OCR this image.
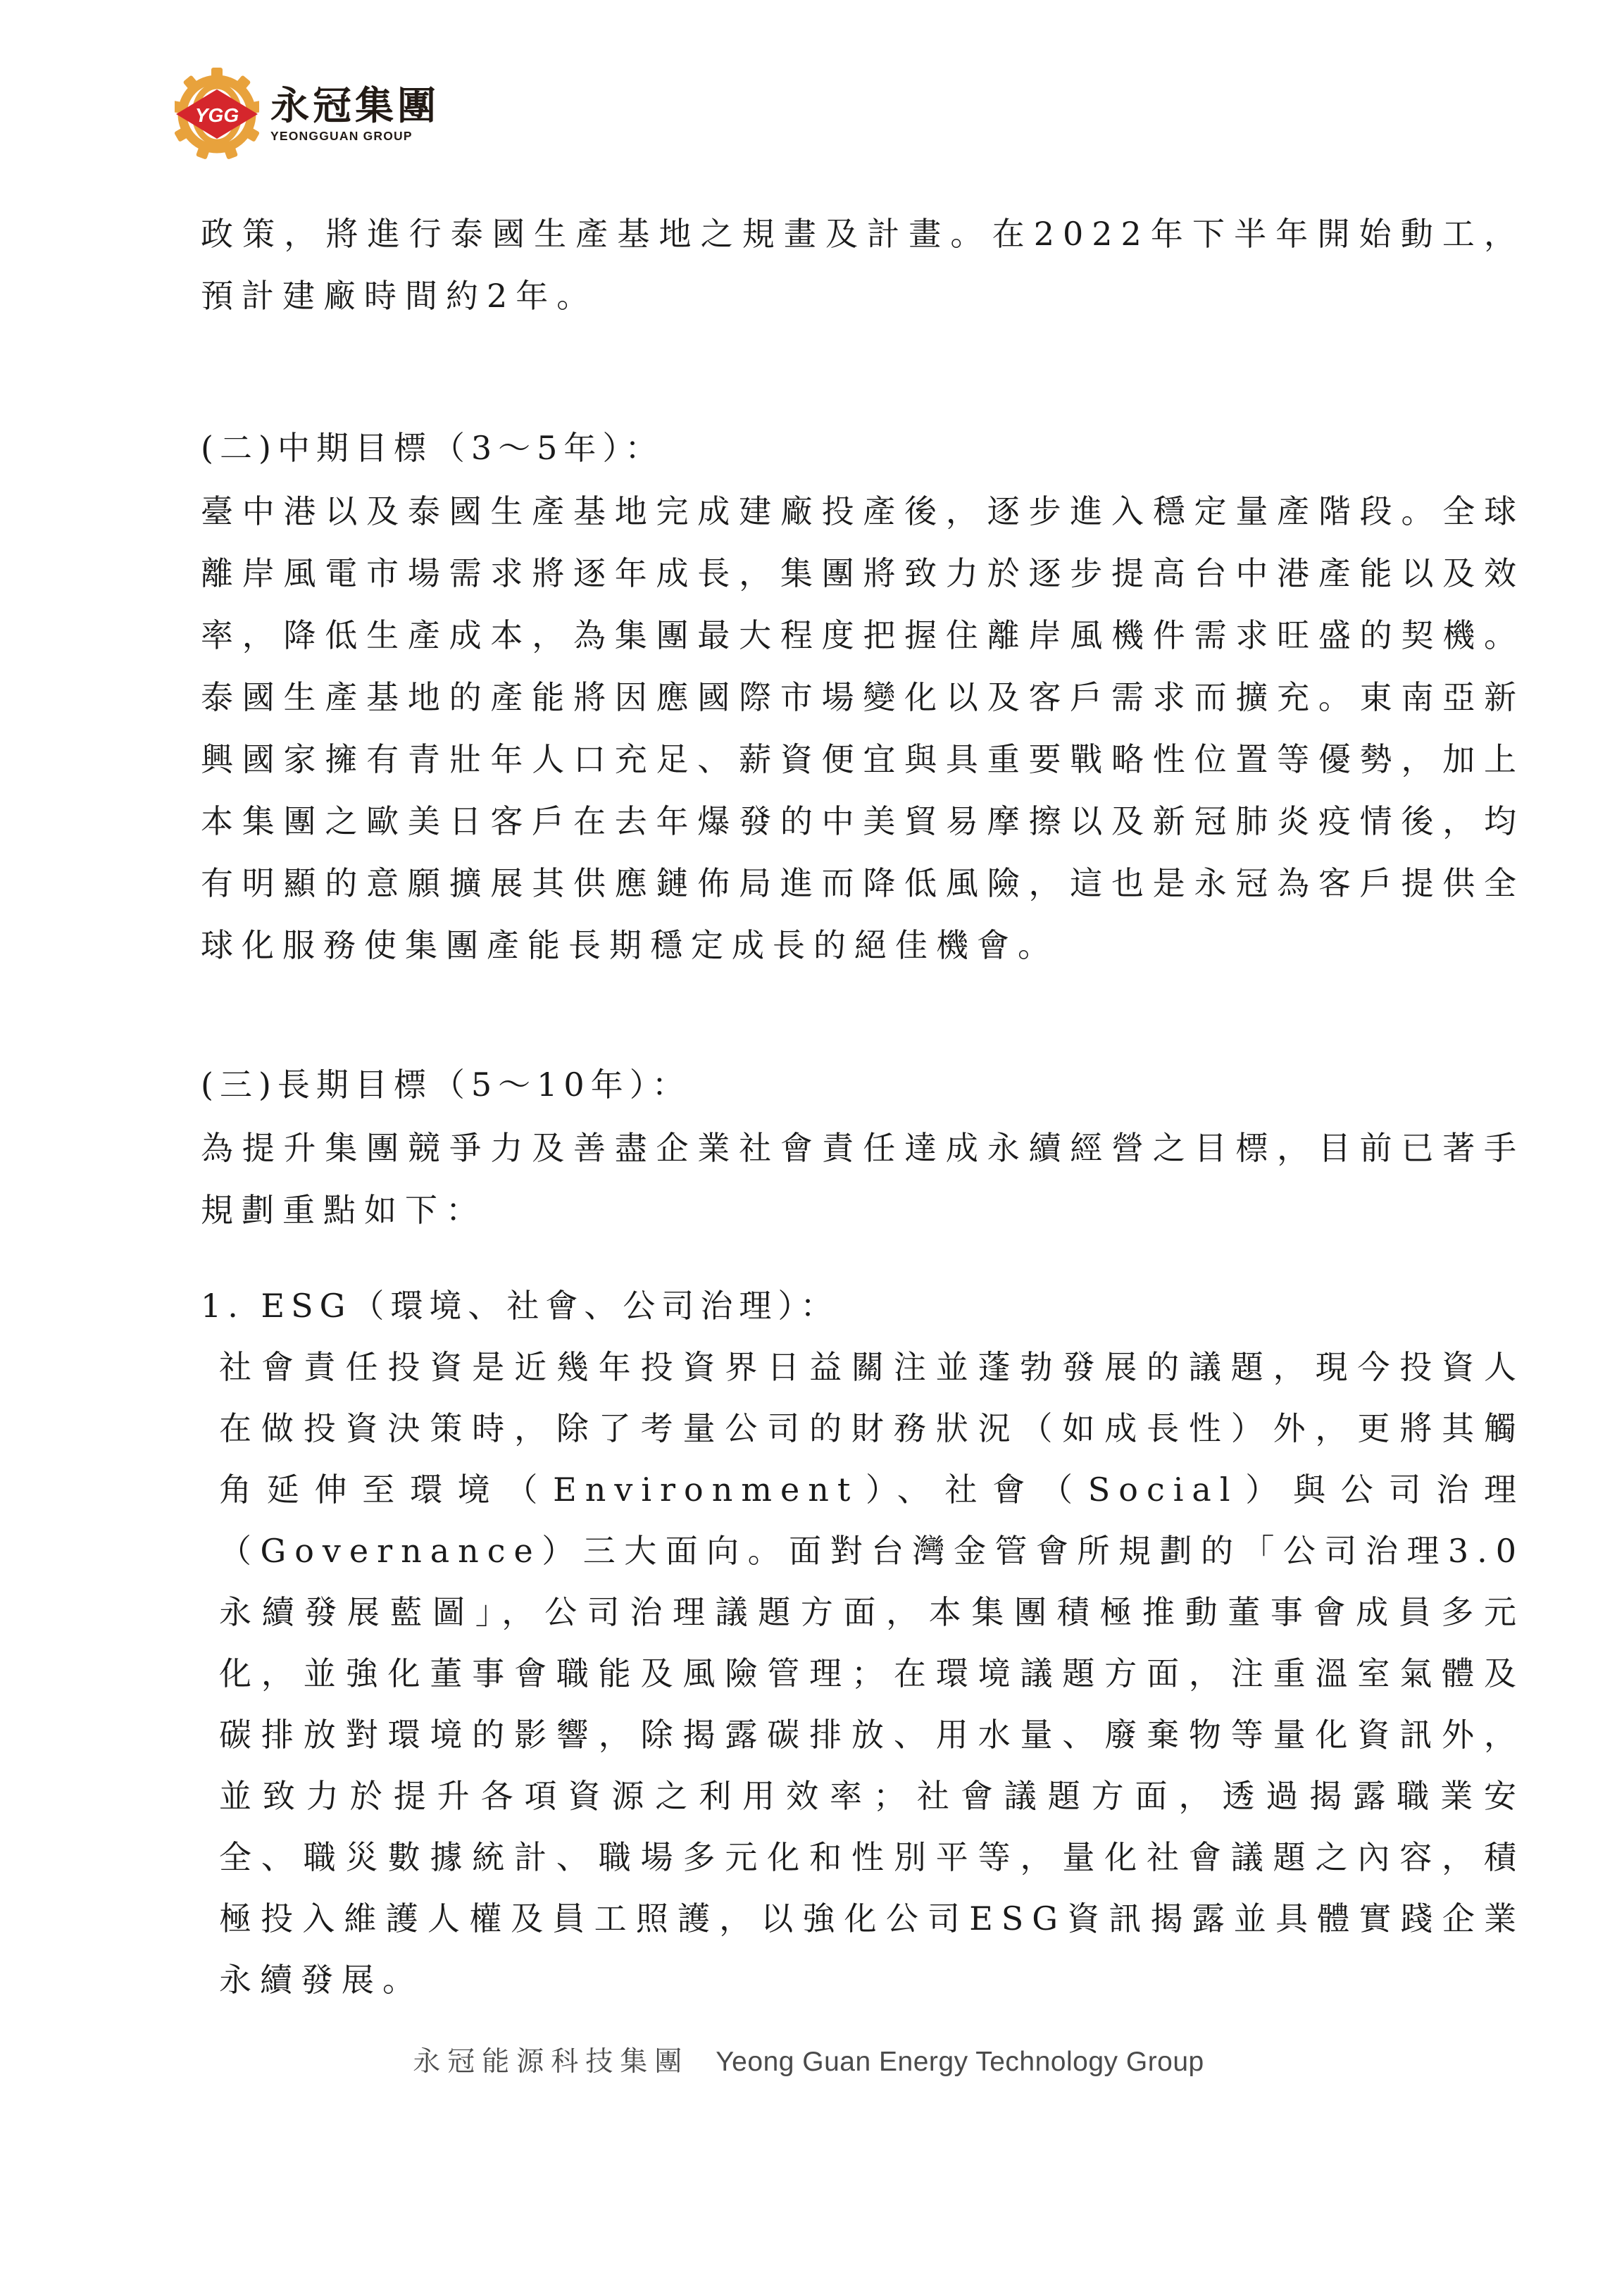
YGG 永冠集團
YEONGGUAN GROUP

政策，將進行泰國生產基地之規畫及計畫。在2022年下半年開始動工，預計建廠時間約2年。

(二)中期目標（3～5年）：

臺中港以及泰國生產基地完成建廠投產後，逐步進入穩定量產階段。全球離岸風電市場需求將逐年成長，集團將致力於逐步提高台中港產能以及效率，降低生產成本，為集團最大程度把握住離岸風機件需求旺盛的契機。泰國生產基地的產能將因應國際市場變化以及客戶需求而擴充。東南亞新興國家擁有青壯年人口充足、薪資便宜與具重要戰略性位置等優勢，加上本集團之歐美日客戶在去年爆發的中美貿易摩擦以及新冠肺炎疫情後，均有明顯的意願擴展其供應鏈佈局進而降低風險，這也是永冠為客戶提供全球化服務使集團產能長期穩定成長的絕佳機會。

(三)長期目標（5～10年）：

為提升集團競爭力及善盡企業社會責任達成永續經營之目標，目前已著手規劃重點如下：

1. ESG（環境、社會、公司治理）：

社會責任投資是近幾年投資界日益關注並蓬勃發展的議題，現今投資人在做投資決策時，除了考量公司的財務狀況（如成長性）外，更將其觸角延伸至環境（Environment）、社會（Social）與公司治理（Governance）三大面向。面對台灣金管會所規劃的「公司治理3.0永續發展藍圖」，公司治理議題方面，本集團積極推動董事會成員多元化，並強化董事會職能及風險管理；在環境議題方面，注重溫室氣體及碳排放對環境的影響，除揭露碳排放、用水量、廢棄物等量化資訊外，並致力於提升各項資源之利用效率；社會議題方面，透過揭露職業安全、職災數據統計、職場多元化和性別平等，量化社會議題之內容，積極投入維護人權及員工照護，以強化公司ESG資訊揭露並具體實踐企業永續發展。

永冠能源科技集團 Yeong Guan Energy Technology Group
